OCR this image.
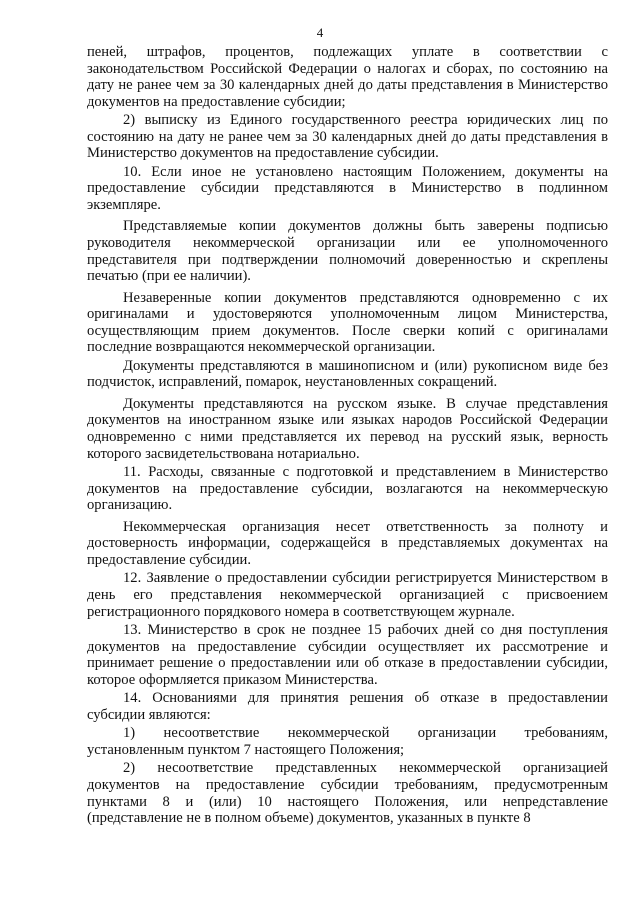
4

пеней, штрафов, процентов, подлежащих уплате в соответствии с законодательством Российской Федерации о налогах и сборах, по состоянию на дату не ранее чем за 30 календарных дней до даты представления в Министерство документов на предоставление субсидии;

2) выписку из Единого государственного реестра юридических лиц по состоянию на дату не ранее чем за 30 календарных дней до даты представления в Министерство документов на предоставление субсидии.

10. Если иное не установлено настоящим Положением, документы на предоставление субсидии представляются в Министерство в подлинном экземпляре.

Представляемые копии документов должны быть заверены подписью руководителя некоммерческой организации или ее уполномоченного представителя при подтверждении полномочий доверенностью и скреплены печатью (при ее наличии).

Незаверенные копии документов представляются одновременно с их оригиналами и удостоверяются уполномоченным лицом Министерства, осуществляющим прием документов. После сверки копий с оригиналами последние возвращаются некоммерческой организации.

Документы представляются в машинописном и (или) рукописном виде без подчисток, исправлений, помарок, неустановленных сокращений.

Документы представляются на русском языке. В случае представления документов на иностранном языке или языках народов Российской Федерации одновременно с ними представляется их перевод на русский язык, верность которого засвидетельствована нотариально.

11. Расходы, связанные с подготовкой и представлением в Министерство документов на предоставление субсидии, возлагаются на некоммерческую организацию.

Некоммерческая организация несет ответственность за полноту и достоверность информации, содержащейся в представляемых документах на предоставление субсидии.

12. Заявление о предоставлении субсидии регистрируется Министерством в день его представления некоммерческой организацией с присвоением регистрационного порядкового номера в соответствующем журнале.

13. Министерство в срок не позднее 15 рабочих дней со дня поступления документов на предоставление субсидии осуществляет их рассмотрение и принимает решение о предоставлении или об отказе в предоставлении субсидии, которое оформляется приказом Министерства.

14. Основаниями для принятия решения об отказе в предоставлении субсидии являются:

1) несоответствие некоммерческой организации требованиям, установленным пунктом 7 настоящего Положения;

2) несоответствие представленных некоммерческой организацией документов на предоставление субсидии требованиям, предусмотренным пунктами 8 и (или) 10 настоящего Положения, или непредставление (представление не в полном объеме) документов, указанных в пункте 8
